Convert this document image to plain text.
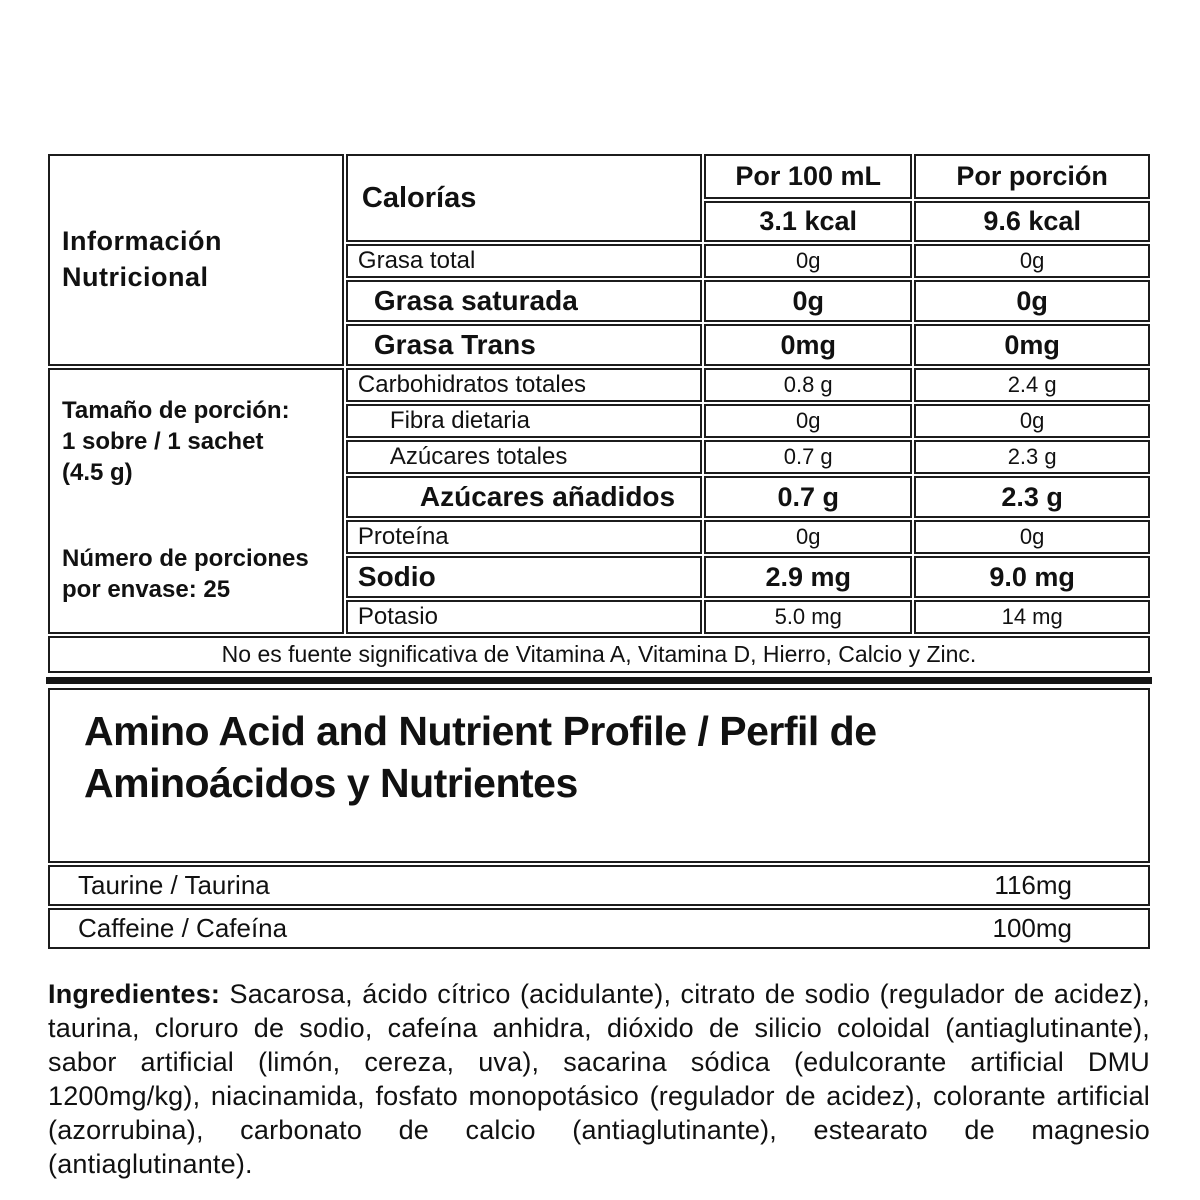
Información Nutricional	Calorías	Por 100 mL	Por porción
		3.1 kcal	9.6 kcal
	Grasa total	0g	0g
	Grasa saturada	0g	0g
	Grasa Trans	0mg	0mg

Tamaño de porción:
1 sobre / 1 sachet
(4.5 g)
Número de porciones por envase: 25	Carbohidratos totales	0.8 g	2.4 g
	Fibra dietaria	0g	0g
	Azúcares totales	0.7 g	2.3 g
	Azúcares añadidos	0.7 g	2.3 g
	Proteína	0g	0g
	Sodio	2.9 mg	9.0 mg
	Potasio	5.0 mg	14 mg
No es fuente significativa de Vitamina A, Vitamina D, Hierro, Calcio y Zinc.			
Amino Acid and Nutrient Profile / Perfil de Aminoácidos y Nutrientes

Taurine / Taurina	116mg

Caffeine / Cafeína	100mg

Ingredientes: Sacarosa, ácido cítrico (acidulante), citrato de sodio (regulador de acidez), taurina, cloruro de sodio, cafeína anhidra, dióxido de silicio coloidal (antiaglutinante), sabor artificial (limón, cereza, uva), sacarina sódica (edulcorante artificial DMU 1200mg/kg), niacinamida, fosfato monopotásico (regulador de acidez), colorante artificial (azorrubina), carbonato de calcio (antiaglutinante), estearato de magnesio (antiaglutinante).
